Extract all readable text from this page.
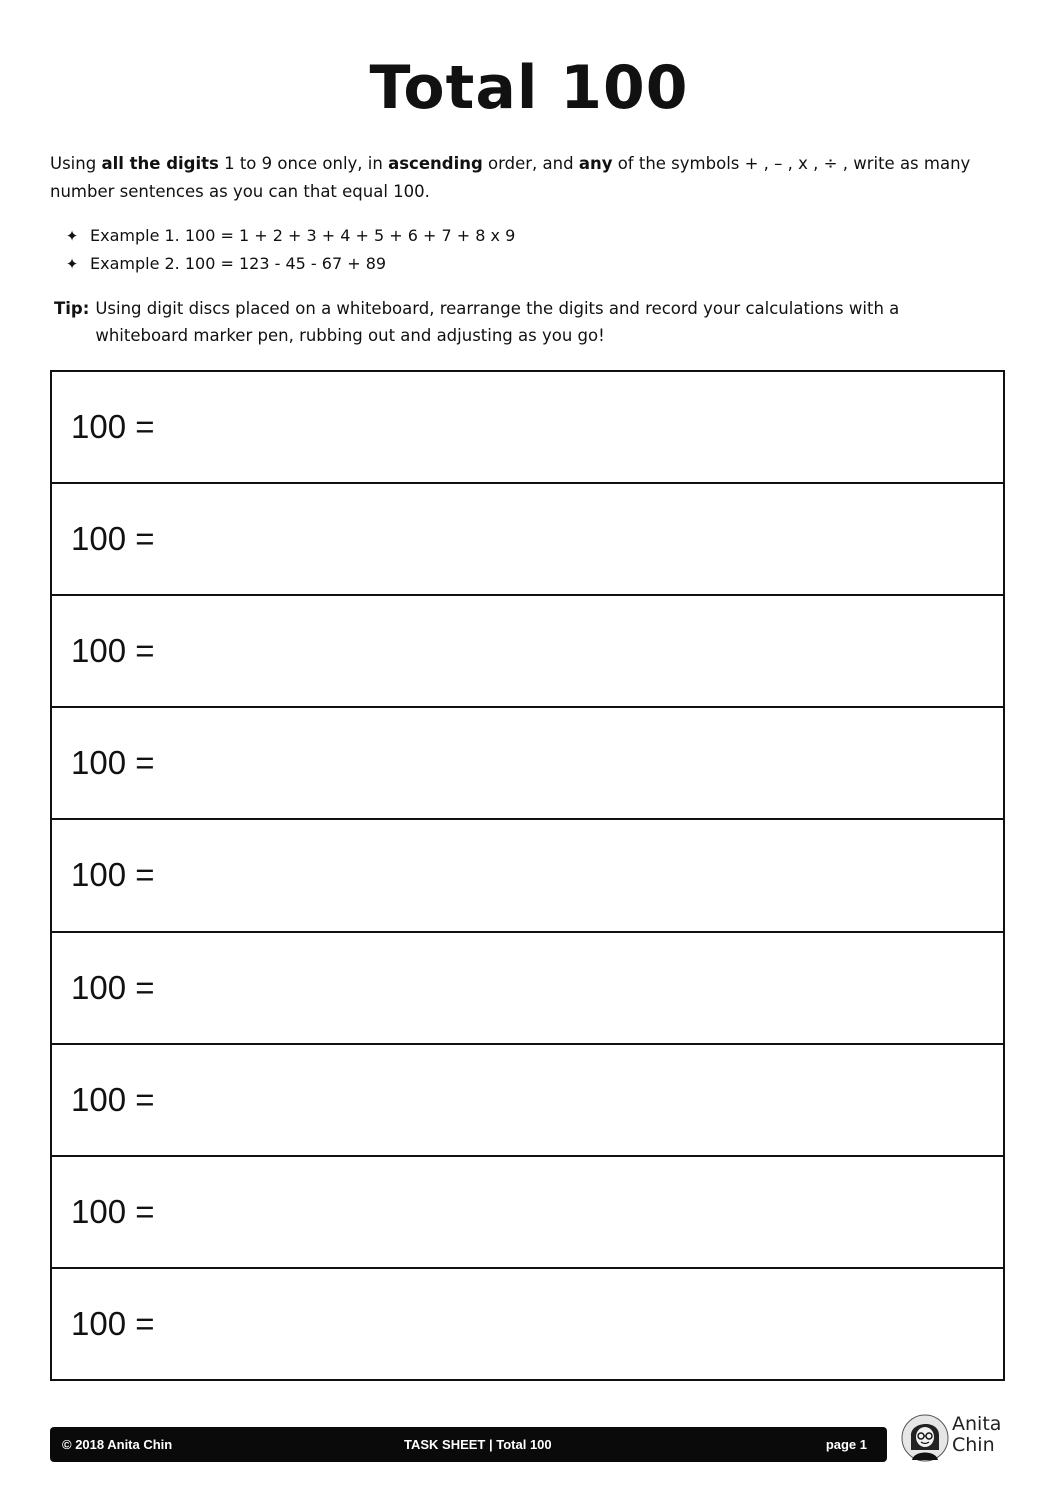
Total 100

Using all the digits 1 to 9 once only, in ascending order, and any of the symbols + , – , x , ÷ , write as many number sentences as you can that equal 100.

✦ Example 1. 100 = 1 + 2 + 3 + 4 + 5 + 6 + 7 + 8 x 9
✦ Example 2. 100 = 123 - 45 - 67 + 89
Tip: Using digit discs placed on a whiteboard, rearrange the digits and record your calculations with a whiteboard marker pen, rubbing out and adjusting as you go!
100 =
100 =
100 =
100 =
100 =
100 =
100 =
100 =
100 =
© 2018 Anita Chin	TASK SHEET | Total 100	page 1
Anita
Chin
